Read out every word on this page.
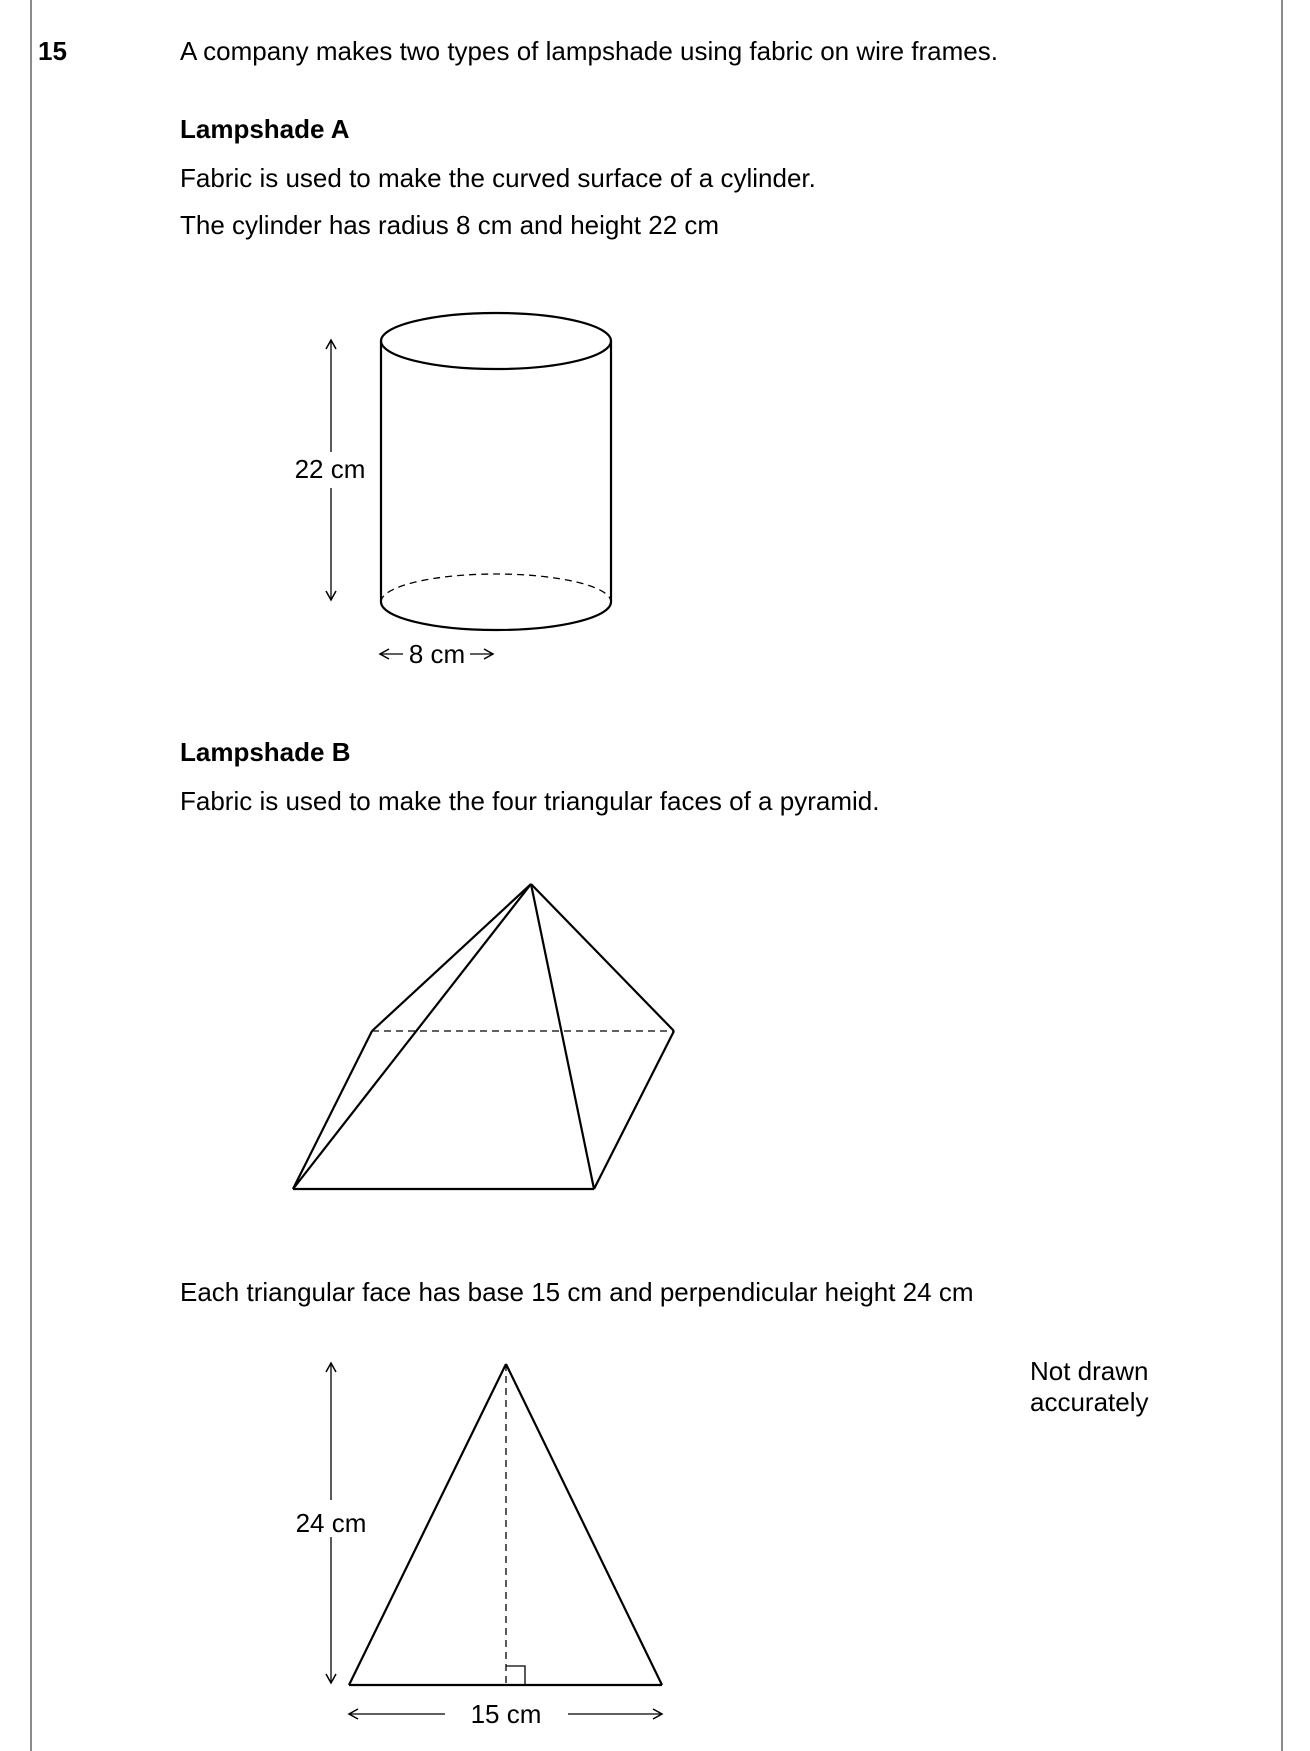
15	A company makes two types of lampshade using fabric on wire frames.
Lampshade A
Fabric is used to make the curved surface of a cylinder.
The cylinder has radius 8 cm and height 22 cm
Lampshade B
Fabric is used to make the four triangular faces of a pyramid.
Each triangular face has base 15 cm and perpendicular height 24 cm
Not drawn
accurately
22 cm
8 cm
24 cm
15 cm
